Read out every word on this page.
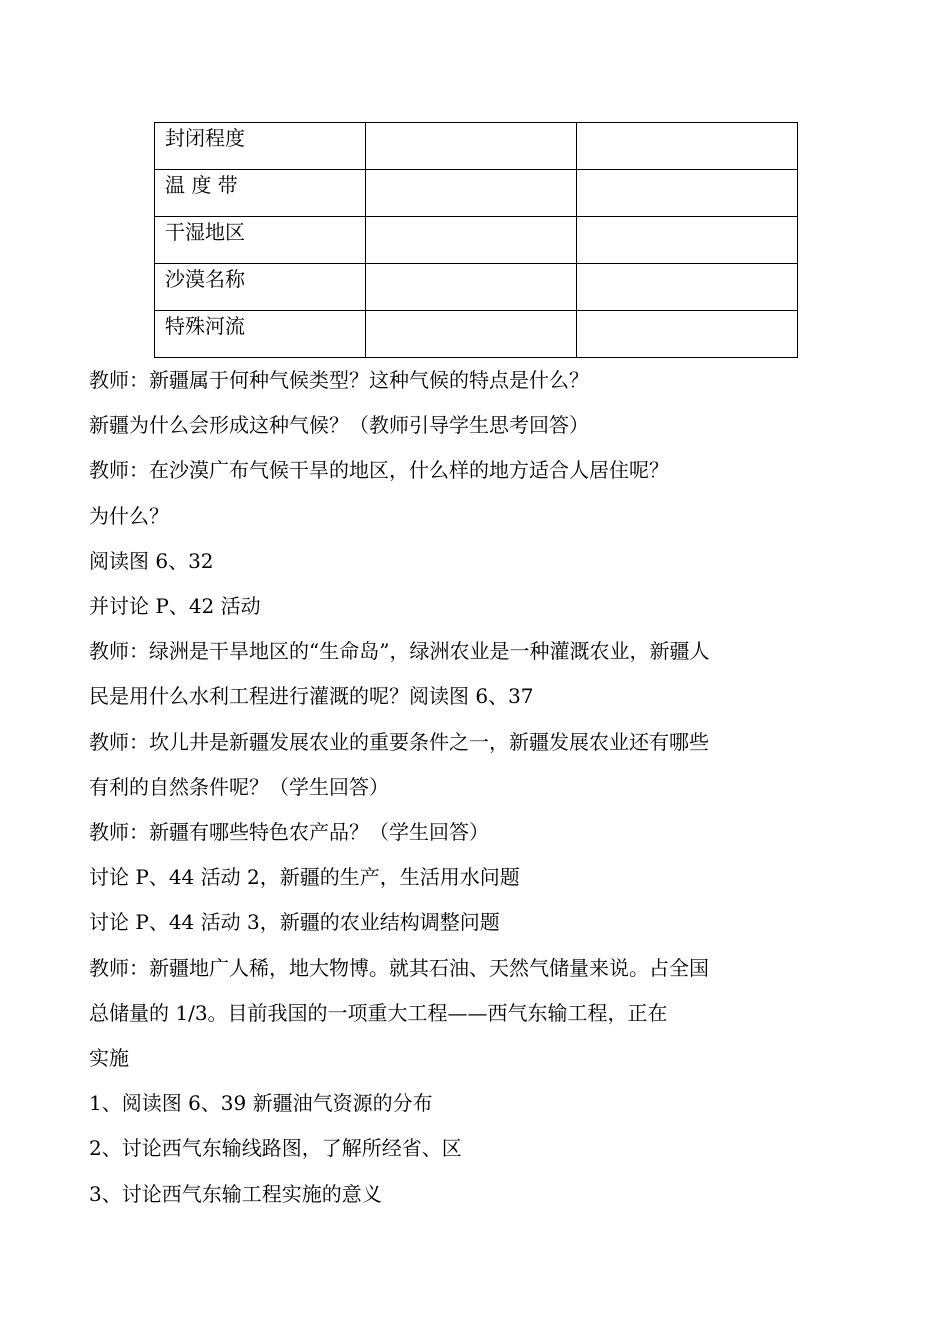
封闭程度		
温 度 带		
干湿地区		
沙漠名称		
特殊河流		

教师：新疆属于何种气候类型？这种气候的特点是什么？

新疆为什么会形成这种气候？（教师引导学生思考回答）

教师：在沙漠广布气候干旱的地区，什么样的地方适合人居住呢？

为什么？

阅读图 6、32

并讨论 P、42 活动

教师：绿洲是干旱地区的“生命岛”，绿洲农业是一种灌溉农业，新疆人

民是用什么水利工程进行灌溉的呢？阅读图 6、37

教师：坎儿井是新疆发展农业的重要条件之一，新疆发展农业还有哪些

有利的自然条件呢？（学生回答）

教师：新疆有哪些特色农产品？（学生回答）

讨论 P、44 活动 2，新疆的生产，生活用水问题

讨论 P、44 活动 3，新疆的农业结构调整问题

教师：新疆地广人稀，地大物博。就其石油、天然气储量来说。占全国

总储量的 1/3。目前我国的一项重大工程——西气东输工程，正在

实施

1、阅读图 6、39 新疆油气资源的分布

2、讨论西气东输线路图，了解所经省、区

3、讨论西气东输工程实施的意义
